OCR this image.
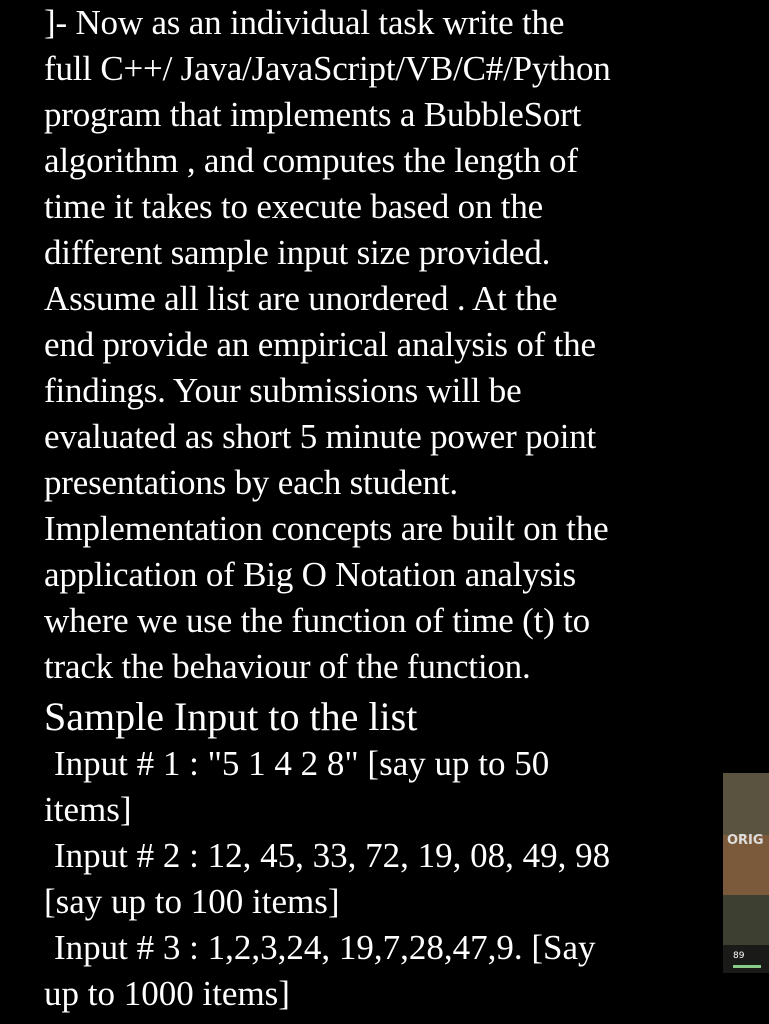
]- Now as an individual task write the
full C++/ Java/JavaScript/VB/C#/Python
program that implements a BubbleSort
algorithm , and computes the length of
time it takes to execute based on the
different sample input size provided.
Assume all list are unordered . At the
end provide an empirical analysis of the
findings. Your submissions will be
evaluated as short 5 minute power point
presentations by each student.
Implementation concepts are built on the
application of Big O Notation analysis
where we use the function of time (t) to
track the behaviour of the function.
Sample Input to the list
Input # 1 : "5 1 4 2 8" [say up to 50
items]
Input # 2 : 12, 45, 33, 72, 19, 08, 49, 98
[say up to 100 items]
Input # 3 : 1,2,3,24, 19,7,28,47,9. [Say
up to 1000 items]
ORIG
89
